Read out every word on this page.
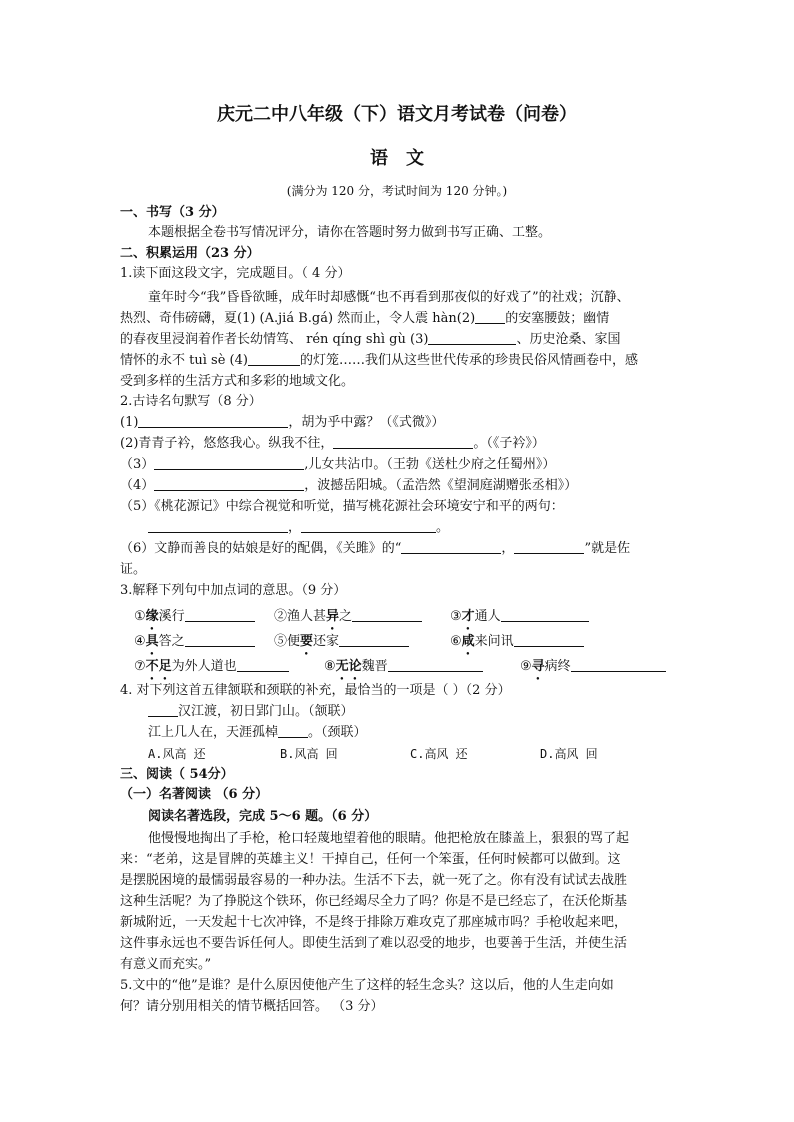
庆元二中八年级（下）语文月考试卷（问卷）
语文
(满分为 120 分，考试时间为 120 分钟。)
一、书写（3 分）
本题根据全卷书写情况评分，请你在答题时努力做到书写正确、工整。
二、积累运用（23 分）
1.读下面这段文字，完成题目。（ 4 分）
童年时今“我”昏昏欲睡，成年时却感慨“也不再看到那夜似的好戏了”的社戏；沉静、
热烈、奇伟磅礴，夏(1) (A.jiá B.gá) 然而止，令人震 hàn(2) 的安塞腰鼓；幽情
的春夜里浸润着作者长幼情笃、 rén qíng shì gù (3)	、历史沧桑、家国
情怀的永不 tuì sè (4)	的灯笼……我们从这些世代传承的珍贵民俗风情画卷中，感
受到多样的生活方式和多彩的地域文化。
2.古诗名句默写（8 分）
(1)	，胡为乎中露？（《式微》）
(2)青青子衿，悠悠我心。纵我不往，	。（《子衿》）
（3）	,儿女共沾巾。（王勃《送杜少府之任蜀州》）
（4）	，波撼岳阳城。（孟浩然《望洞庭湖赠张丞相》）
（5）《桃花源记》中综合视觉和听觉，描写桃花源社会环境安宁和平的两句：
，	。
（6）文静而善良的姑娘是好的配偶，《关雎》的“	，	”就是佐
证。
3.解释下列句中加点词的意思。（9 分）
①缘溪行	②渔人甚异之	③才通人
④具答之	⑤便要还家	⑥咸来问讯
⑦不足为外人道也	⑧无论魏晋	⑨寻病终
4. 对下列这首五律颔联和颈联的补充，最恰当的一项是（ ）（2 分）
汉江渡，初日郢门山。（颔联）
江上几人在，天涯孤棹 。（颈联）
A.风高 还	B.风高 回	C.高风 还	D.高风 回
三、阅读（ 54分）
（一）名著阅读 （6 分）
阅读名著选段，完成 5～6 题。（6 分）
他慢慢地掏出了手枪，枪口轻蔑地望着他的眼睛。他把枪放在膝盖上，狠狠的骂了起
来：“老弟，这是冒牌的英雄主义！干掉自己，任何一个笨蛋，任何时候都可以做到。这
是摆脱困境的最懦弱最容易的一种办法。生活不下去，就一死了之。你有没有试试去战胜
这种生活呢？为了挣脱这个铁环，你已经竭尽全力了吗？你是不是已经忘了，在沃伦斯基
新城附近，一天发起十七次冲锋，不是终于排除万难攻克了那座城市吗？手枪收起来吧，
这件事永远也不要告诉任何人。即使生活到了难以忍受的地步，也要善于生活，并使生活
有意义而充实。”
5.文中的“他”是谁？是什么原因使他产生了这样的轻生念头？这以后，他的人生走向如
何？请分别用相关的情节概括回答。 （3 分）
